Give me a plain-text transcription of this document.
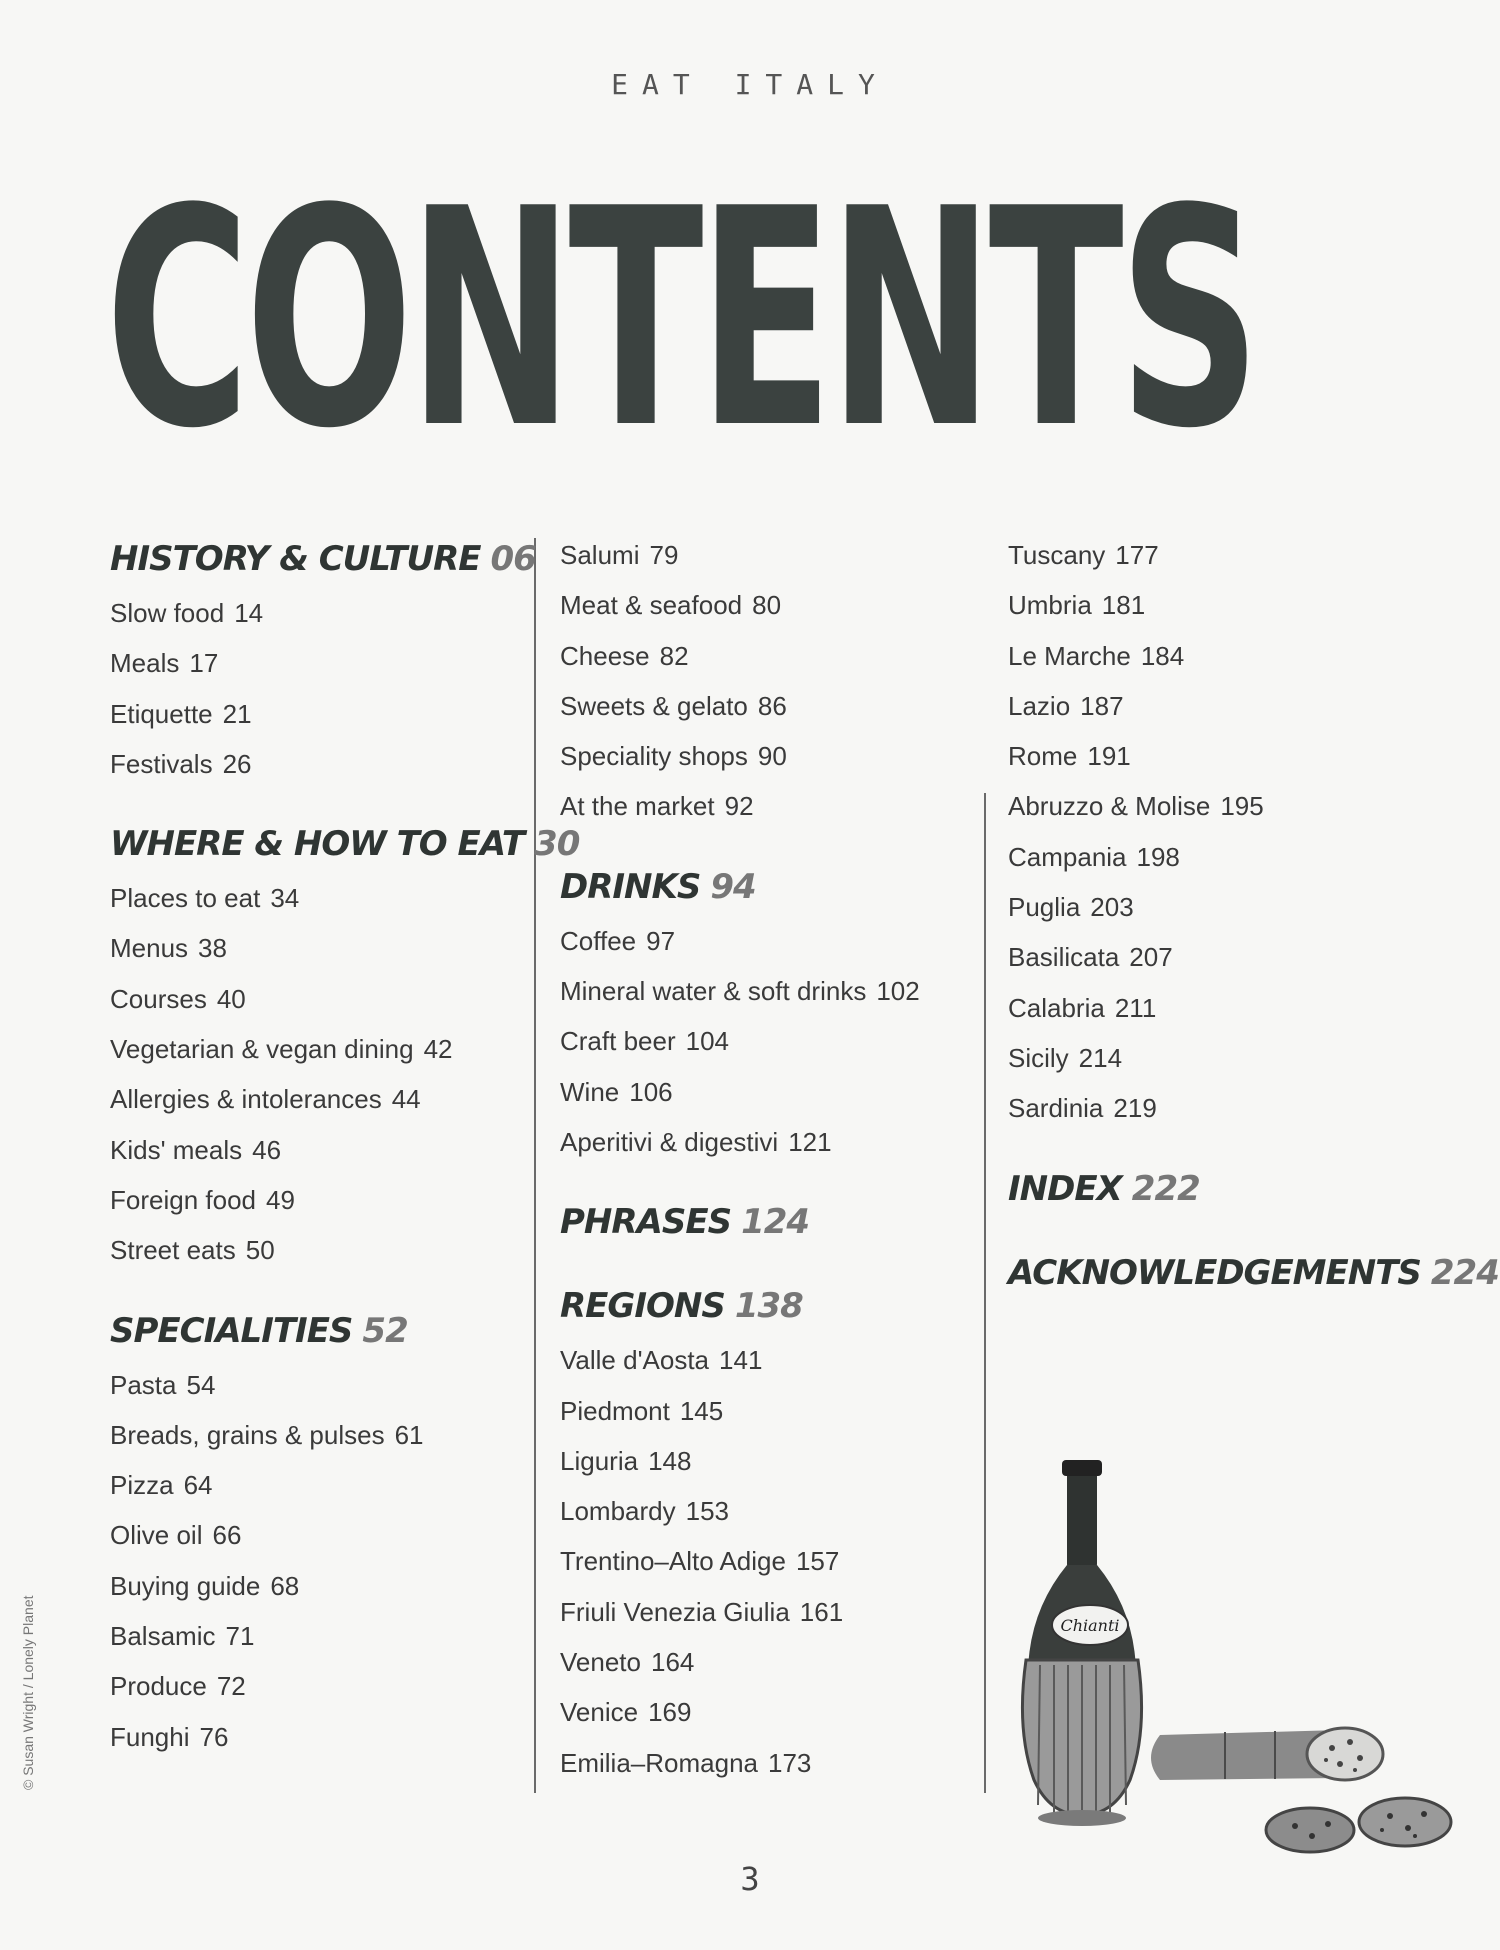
EAT ITALY
CONTENTS
HISTORY & CULTURE 06
Slow food 14
Meals 17
Etiquette 21
Festivals 26
WHERE & HOW TO EAT 30
Places to eat 34
Menus 38
Courses 40
Vegetarian & vegan dining 42
Allergies & intolerances 44
Kids' meals 46
Foreign food 49
Street eats 50
SPECIALITIES 52
Pasta 54
Breads, grains & pulses 61
Pizza 64
Olive oil 66
Buying guide 68
Balsamic 71
Produce 72
Funghi 76
Salumi 79
Meat & seafood 80
Cheese 82
Sweets & gelato 86
Speciality shops 90
At the market 92
DRINKS 94
Coffee 97
Mineral water & soft drinks 102
Craft beer 104
Wine 106
Aperitivi & digestivi 121
PHRASES 124
REGIONS 138
Valle d'Aosta 141
Piedmont 145
Liguria 148
Lombardy 153
Trentino–Alto Adige 157
Friuli Venezia Giulia 161
Veneto 164
Venice 169
Emilia–Romagna 173
Tuscany 177
Umbria 181
Le Marche 184
Lazio 187
Rome 191
Abruzzo & Molise 195
Campania 198
Puglia 203
Basilicata 207
Calabria 211
Sicily 214
Sardinia 219
INDEX 222
ACKNOWLEDGEMENTS 224
Chianti
© Susan Wright / Lonely Planet
3
